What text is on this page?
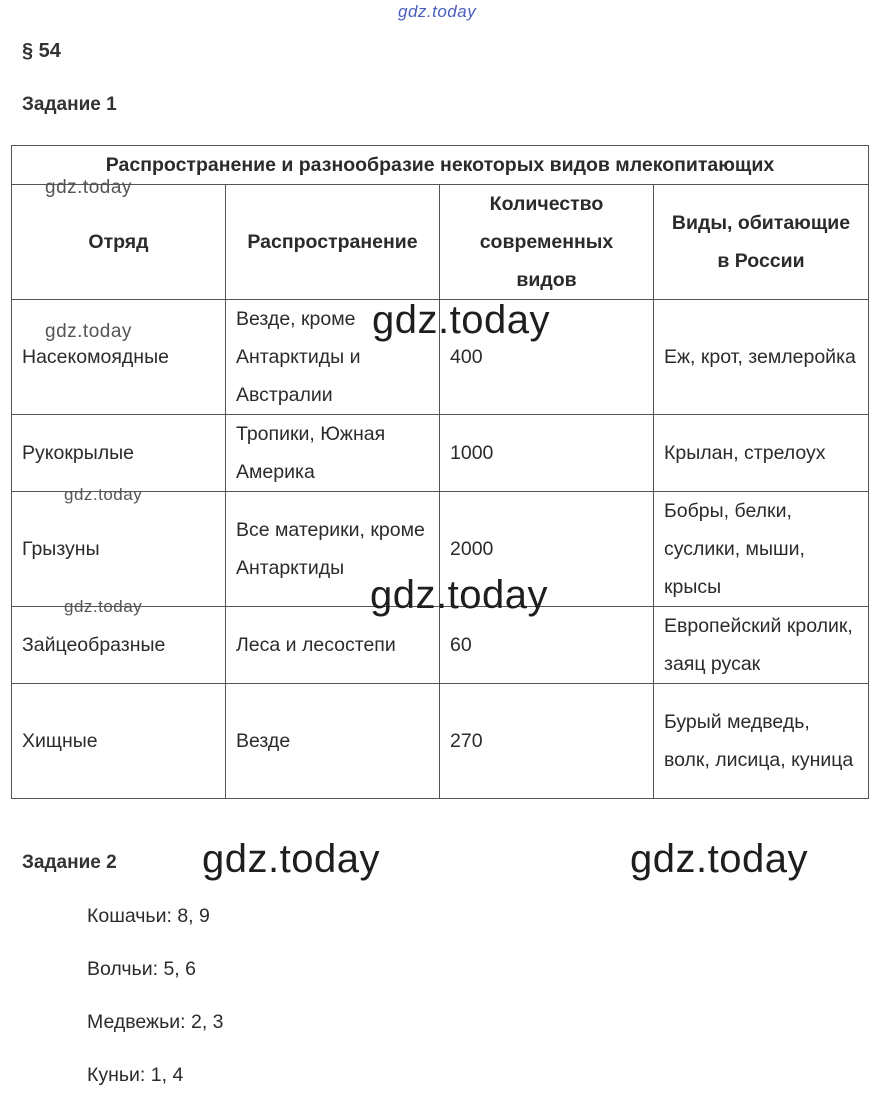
gdz.today
§ 54
Задание 1
Распространение и разнообразие некоторых видов млекопитающих			
Отряд	Распространение	Количество современных видов	Виды, обитающие в России
Насекомоядные	Везде, кроме Антарктиды и Австралии	400	Еж, крот, землеройка
Рукокрылые	Тропики, Южная Америка	1000	Крылан, стрелоух
Грызуны	Все материки, кроме Антарктиды	2000	Бобры, белки, суслики, мыши, крысы
Зайцеобразные	Леса и лесостепи	60	Европейский кролик, заяц русак
Хищные	Везде	270	Бурый медведь, волк, лисица, куница
gdz.today
gdz.today	gdz.today
gdz.today
gdz.today
gdz.today
Задание 2 gdz.today	gdz.today
Кошачьи: 8, 9
Волчьи: 5, 6
Медвежьи: 2, 3
Куньи: 1, 4
